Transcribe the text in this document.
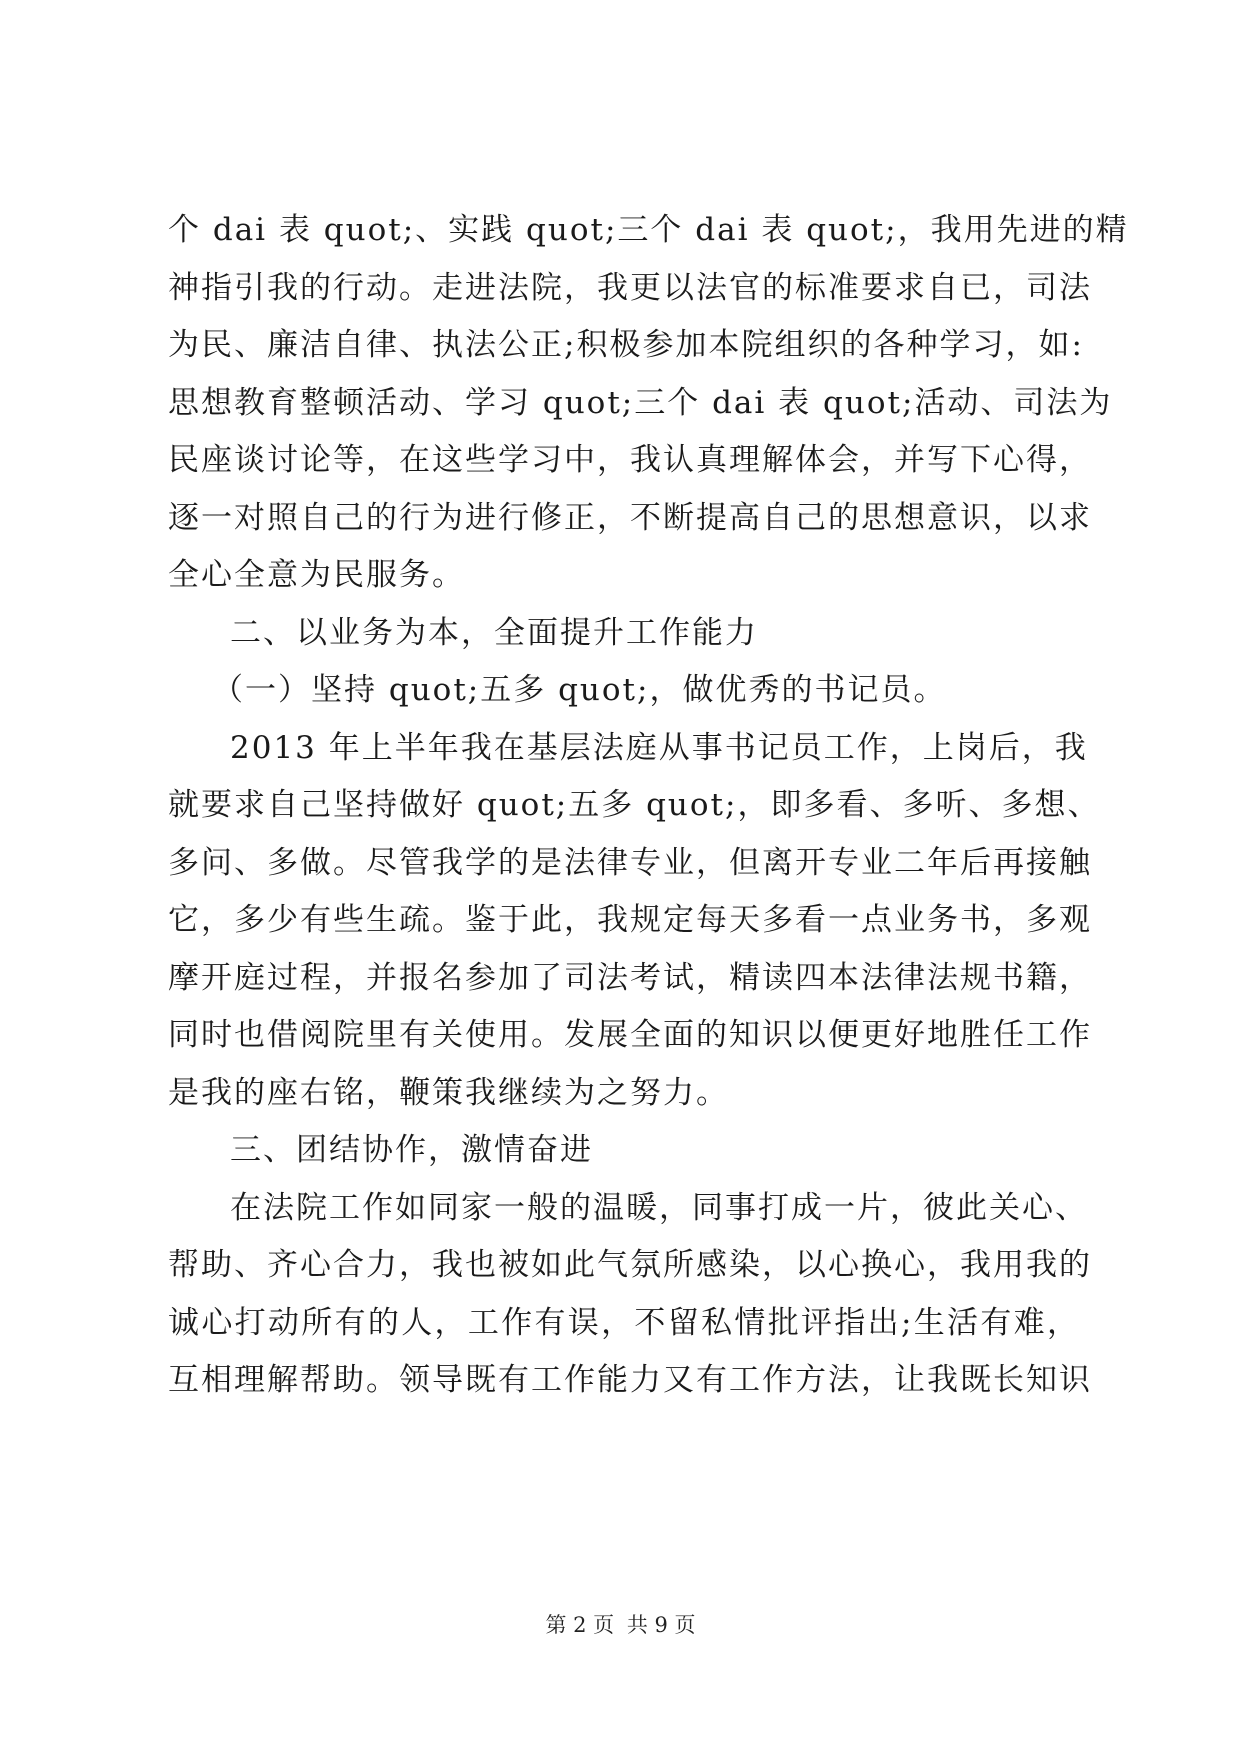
个 dai 表 quot;、实践 quot;三个 dai 表 quot;，我用先进的精
神指引我的行动。走进法院，我更以法官的标准要求自已，司法
为民、廉洁自律、执法公正;积极参加本院组织的各种学习，如:
思想教育整顿活动、学习 quot;三个 dai 表 quot;活动、司法为
民座谈讨论等，在这些学习中，我认真理解体会，并写下心得，
逐一对照自己的行为进行修正，不断提高自己的思想意识，以求
全心全意为民服务。
二、以业务为本，全面提升工作能力
（一）坚持 quot;五多 quot;，做优秀的书记员。
2013 年上半年我在基层法庭从事书记员工作，上岗后，我
就要求自己坚持做好 quot;五多 quot;，即多看、多听、多想、
多问、多做。尽管我学的是法律专业，但离开专业二年后再接触
它，多少有些生疏。鉴于此，我规定每天多看一点业务书，多观
摩开庭过程，并报名参加了司法考试，精读四本法律法规书籍，
同时也借阅院里有关使用。发展全面的知识以便更好地胜任工作
是我的座右铭，鞭策我继续为之努力。
三、团结协作，激情奋进
在法院工作如同家一般的温暖，同事打成一片，彼此关心、
帮助、齐心合力，我也被如此气氛所感染，以心换心，我用我的
诚心打动所有的人，工作有误，不留私情批评指出;生活有难，
互相理解帮助。领导既有工作能力又有工作方法，让我既长知识
第 2 页 共 9 页
